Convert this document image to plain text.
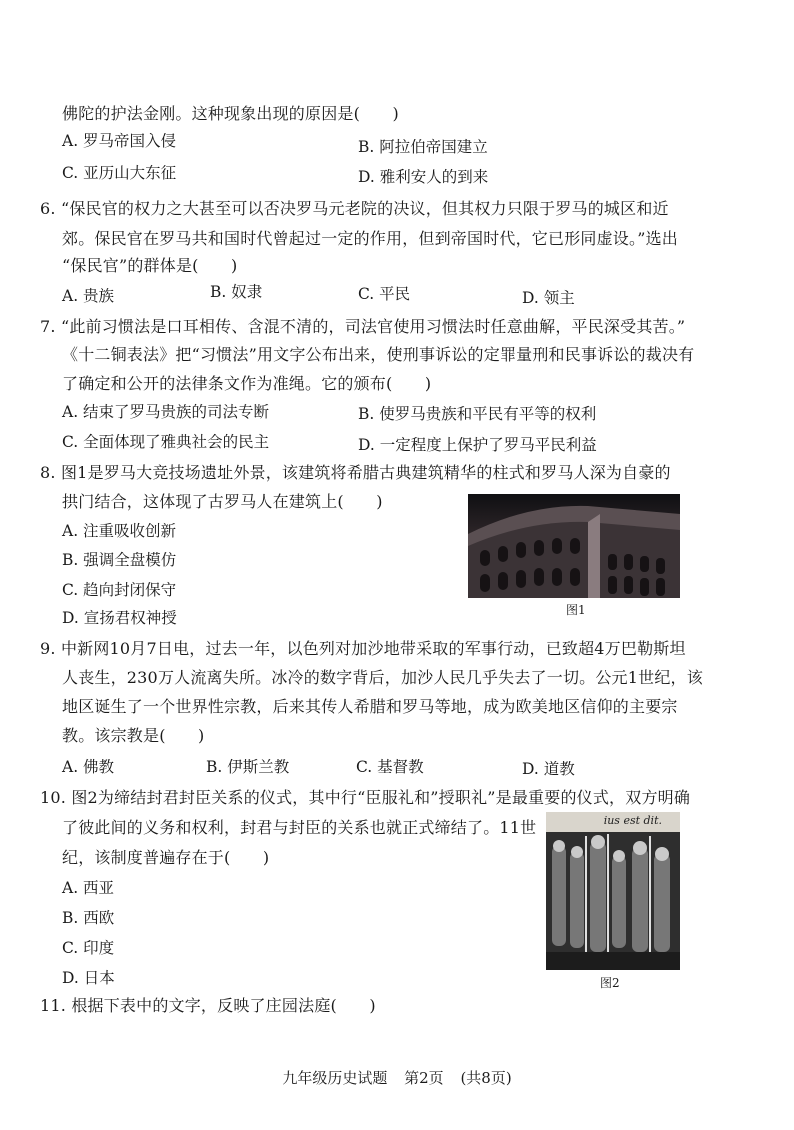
佛陀的护法金刚。这种现象出现的原因是(　　)
A. 罗马帝国入侵	B. 阿拉伯帝国建立
C. 亚历山大东征	D. 雅利安人的到来
6. “保民官的权力之大甚至可以否决罗马元老院的决议，但其权力只限于罗马的城区和近
郊。保民官在罗马共和国时代曾起过一定的作用，但到帝国时代，它已形同虚设。”选出
“保民官”的群体是(　　)
A. 贵族	B. 奴隶	C. 平民	D. 领主
7. “此前习惯法是口耳相传、含混不清的，司法官使用习惯法时任意曲解，平民深受其苦。”
《十二铜表法》把“习惯法”用文字公布出来，使刑事诉讼的定罪量刑和民事诉讼的裁决有
了确定和公开的法律条文作为准绳。它的颁布(　　)
A. 结束了罗马贵族的司法专断	B. 使罗马贵族和平民有平等的权利
C. 全面体现了雅典社会的民主	D. 一定程度上保护了罗马平民利益
8. 图1是罗马大竞技场遗址外景，该建筑将希腊古典建筑精华的柱式和罗马人深为自豪的
拱门结合，这体现了古罗马人在建筑上(　　)
A. 注重吸收创新
B. 强调全盘模仿
C. 趋向封闭保守
D. 宣扬君权神授	图1
9. 中新网10月7日电，过去一年，以色列对加沙地带采取的军事行动，已致超4万巴勒斯坦
人丧生，230万人流离失所。冰冷的数字背后，加沙人民几乎失去了一切。公元1世纪，该
地区诞生了一个世界性宗教，后来其传人希腊和罗马等地，成为欧美地区信仰的主要宗
教。该宗教是(　　)
A. 佛教	B. 伊斯兰教	C. 基督教	D. 道教
10. 图2为缔结封君封臣关系的仪式，其中行“臣服礼和”授职礼”是最重要的仪式，双方明确
了彼此间的义务和权利，封君与封臣的关系也就正式缔结了。11世
纪，该制度普遍存在于(　　)
A. 西亚
B. 西欧
C. 印度
D. 日本
ius est dit.
图2
11. 根据下表中的文字，反映了庄园法庭(　　)
九年级历史试题 第2页 (共8页)
